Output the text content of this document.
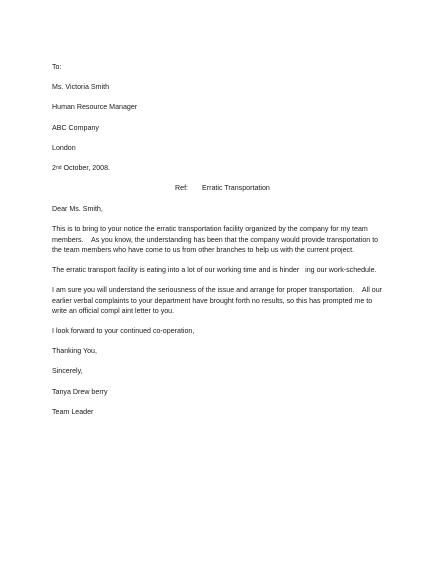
To:
Ms. Victoria Smith
Human Resource Manager
ABC Company
London
2nd October, 2008.
Ref: Erratic Transportation
Dear Ms. Smith,
This is to bring to your notice the erratic transportation facility organized by the company for my team
members.    As you know, the understanding has been that the company would provide transportation to
the team members who have come to us from other branches to help us with the current project.
The erratic transport facility is eating into a lot of our working time and is hinder   ing our work-schedule.
I am sure you will understand the seriousness of the issue and arrange for proper transportation.    All our
earlier verbal complaints to your department have brought forth no results, so this has prompted me to
write an official compl aint letter to you.
I look forward to your continued co-operation,
Thanking You,
Sincerely,
Tanya Drew berry
Team Leader
